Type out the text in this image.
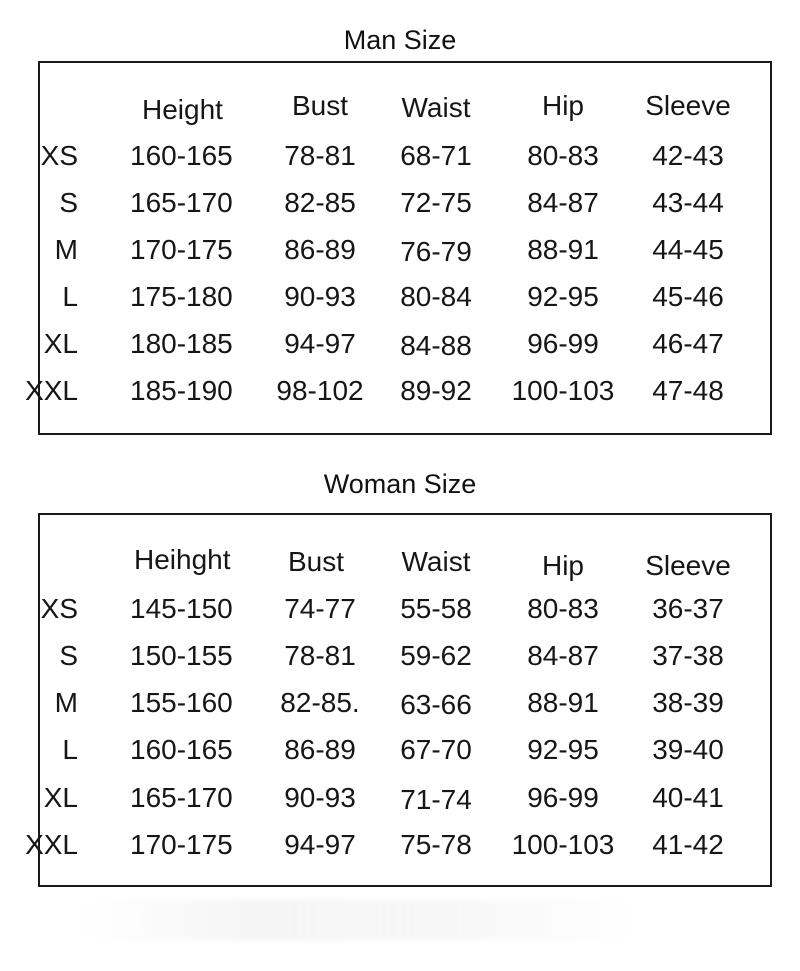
Man Size
Height	Bust	Waist	Hip	Sleeve
XS 160-165	78-81	68-71	80-83	42-43
S 165-170	82-85	72-75	84-87	43-44
M 170-175	86-89	76-79	88-91	44-45
L 175-180	90-93	80-84	92-95	45-46
XL 180-185	94-97	84-88	96-99	46-47
XXL 185-190	98-102	89-92	100-103	47-48
Woman Size
Heihght	Bust	Waist	Hip	Sleeve
XS 145-150	74-77	55-58	80-83	36-37
S 150-155	78-81	59-62	84-87	37-38
M 155-160	82-85.	63-66	88-91	38-39
L 160-165	86-89	67-70	92-95	39-40
XL 165-170	90-93	71-74	96-99	40-41
XXL 170-175	94-97	75-78	100-103	41-42
